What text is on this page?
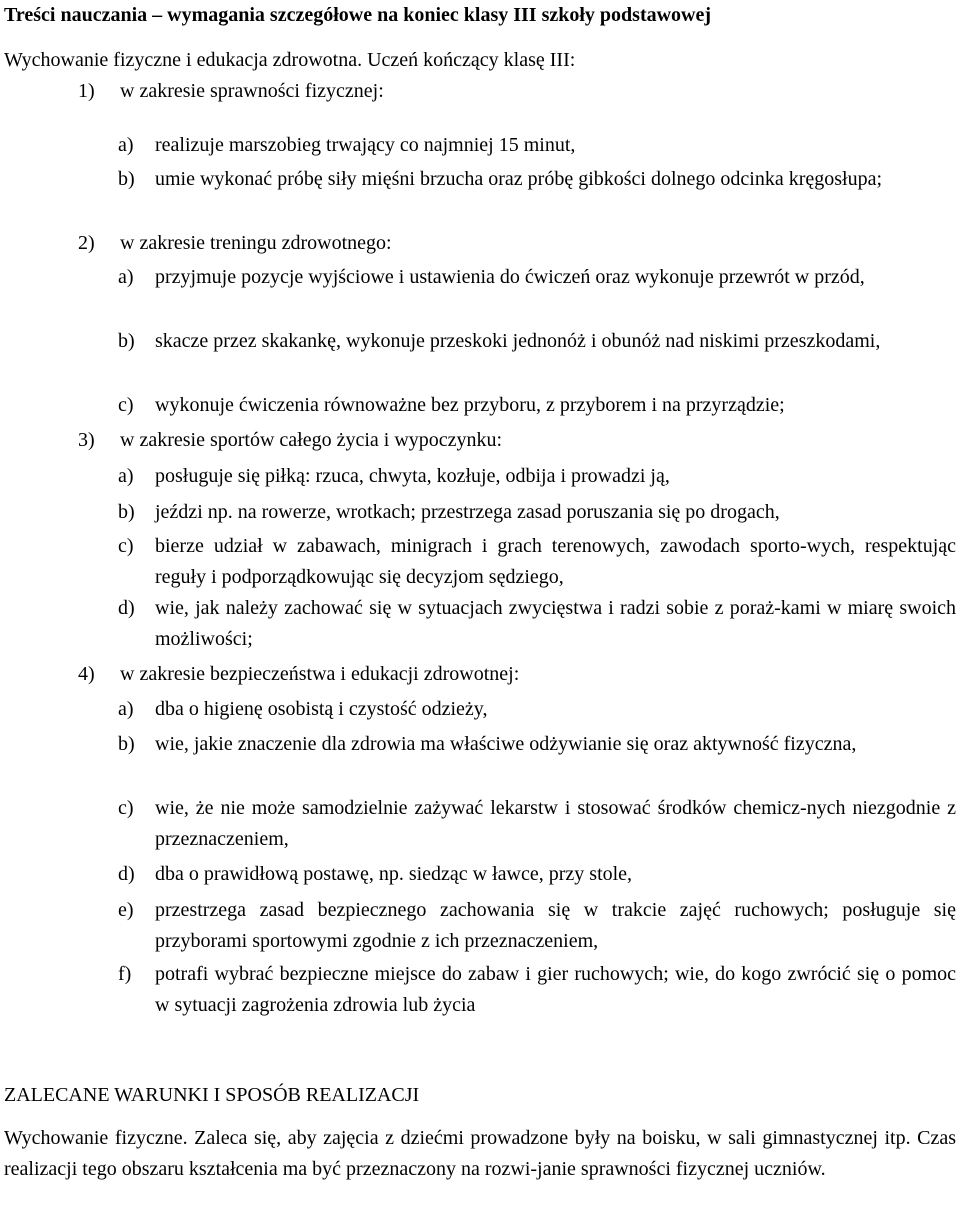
Treści nauczania – wymagania szczegółowe na koniec klasy III szkoły podstawowej

Wychowanie fizyczne i edukacja zdrowotna. Uczeń kończący klasę III:

1)	w zakresie sprawności fizycznej:
a)	realizuje marszobieg trwający co najmniej 15 minut,
b)	umie wykonać próbę siły mięśni brzucha oraz próbę gibkości dolnego odcinka kręgosłupa;
2)	w zakresie treningu zdrowotnego:
a)	przyjmuje pozycje wyjściowe i ustawienia do ćwiczeń oraz wykonuje przewrót w przód,
b)	skacze przez skakankę, wykonuje przeskoki jednonóż i obunóż nad niskimi przeszkodami,
c)	wykonuje ćwiczenia równoważne bez przyboru, z przyborem i na przyrządzie;
3)	w zakresie sportów całego życia i wypoczynku:
a)	posługuje się piłką: rzuca, chwyta, kozłuje, odbija i prowadzi ją,
b)	jeździ np. na rowerze, wrotkach; przestrzega zasad poruszania się po drogach,
c)	bierze udział w zabawach, minigrach i grach terenowych, zawodach sporto-wych, respektując reguły i podporządkowując się decyzjom sędziego,
d)	wie, jak należy zachować się w sytuacjach zwycięstwa i radzi sobie z poraż-kami w miarę swoich możliwości;
4)	w zakresie bezpieczeństwa i edukacji zdrowotnej:
a)	dba o higienę osobistą i czystość odzieży,
b)	wie, jakie znaczenie dla zdrowia ma właściwe odżywianie się oraz aktywność fizyczna,
c)	wie, że nie może samodzielnie zażywać lekarstw i stosować środków chemicz-nych niezgodnie z przeznaczeniem,
d)	dba o prawidłową postawę, np. siedząc w ławce, przy stole,
e)	przestrzega zasad bezpiecznego zachowania się w trakcie zajęć ruchowych; posługuje się przyborami sportowymi zgodnie z ich przeznaczeniem,
f)	potrafi wybrać bezpieczne miejsce do zabaw i gier ruchowych; wie, do kogo zwrócić się o pomoc w sytuacji zagrożenia zdrowia lub życia
ZALECANE WARUNKI I SPOSÓB REALIZACJI

Wychowanie fizyczne. Zaleca się, aby zajęcia z dziećmi prowadzone były na boisku, w sali gimnastycznej itp. Czas realizacji tego obszaru kształcenia ma być przeznaczony na rozwi-janie sprawności fizycznej uczniów.
